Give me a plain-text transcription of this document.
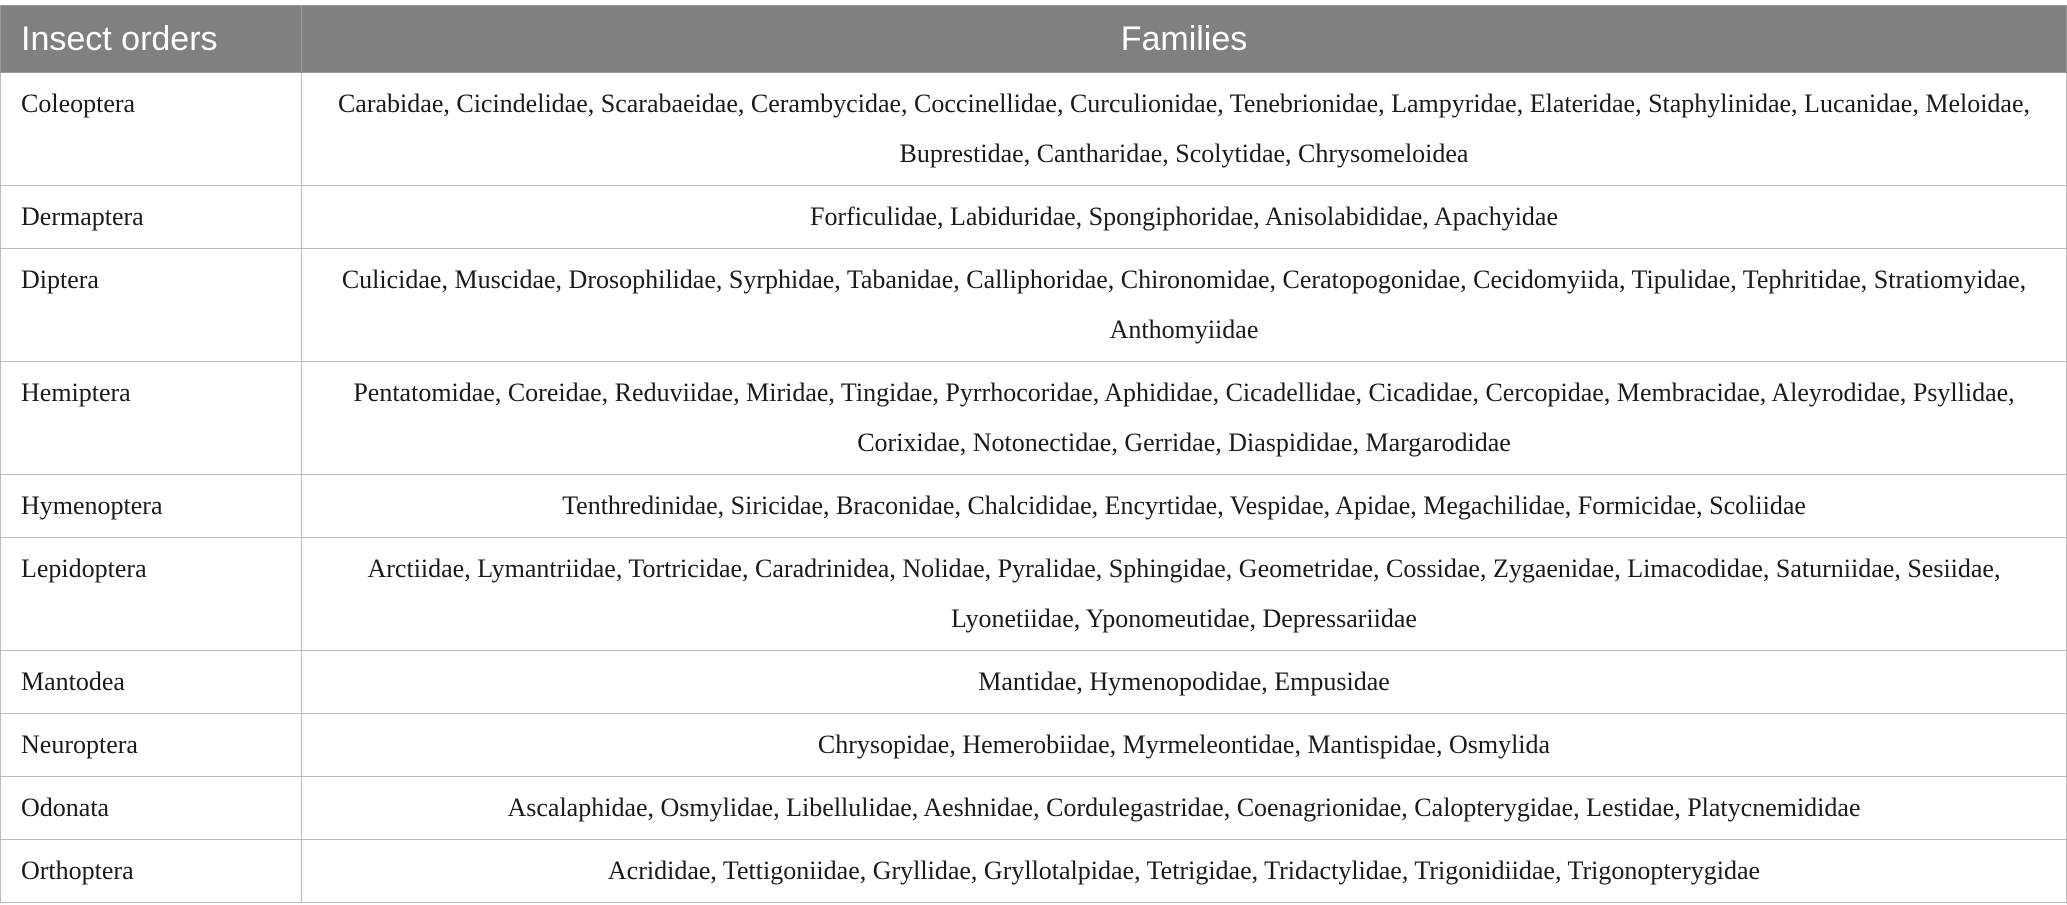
Insect orders	Families
Coleoptera	Carabidae, Cicindelidae, Scarabaeidae, Cerambycidae, Coccinellidae, Curculionidae, Tenebrionidae, Lampyridae, Elateridae, Staphylinidae, Lucanidae, Meloidae, Buprestidae, Cantharidae, Scolytidae, Chrysomeloidea
Dermaptera	Forficulidae, Labiduridae, Spongiphoridae, Anisolabididae, Apachyidae
Diptera	Culicidae, Muscidae, Drosophilidae, Syrphidae, Tabanidae, Calliphoridae, Chironomidae, Ceratopogonidae, Cecidomyiida, Tipulidae, Tephritidae, Stratiomyidae, Anthomyiidae
Hemiptera	Pentatomidae, Coreidae, Reduviidae, Miridae, Tingidae, Pyrrhocoridae, Aphididae, Cicadellidae, Cicadidae, Cercopidae, Membracidae, Aleyrodidae, Psyllidae, Corixidae, Notonectidae, Gerridae, Diaspididae, Margarodidae
Hymenoptera	Tenthredinidae, Siricidae, Braconidae, Chalcididae, Encyrtidae, Vespidae, Apidae, Megachilidae, Formicidae, Scoliidae
Lepidoptera	Arctiidae, Lymantriidae, Tortricidae, Caradrinidea, Nolidae, Pyralidae, Sphingidae, Geometridae, Cossidae, Zygaenidae, Limacodidae, Saturniidae, Sesiidae, Lyonetiidae, Yponomeutidae, Depressariidae
Mantodea	Mantidae, Hymenopodidae, Empusidae
Neuroptera	Chrysopidae, Hemerobiidae, Myrmeleontidae, Mantispidae, Osmylida
Odonata	Ascalaphidae, Osmylidae, Libellulidae, Aeshnidae, Cordulegastridae, Coenagrionidae, Calopterygidae, Lestidae, Platycnemididae
Orthoptera	Acrididae, Tettigoniidae, Gryllidae, Gryllotalpidae, Tetrigidae, Tridactylidae, Trigonidiidae, Trigonopterygidae
